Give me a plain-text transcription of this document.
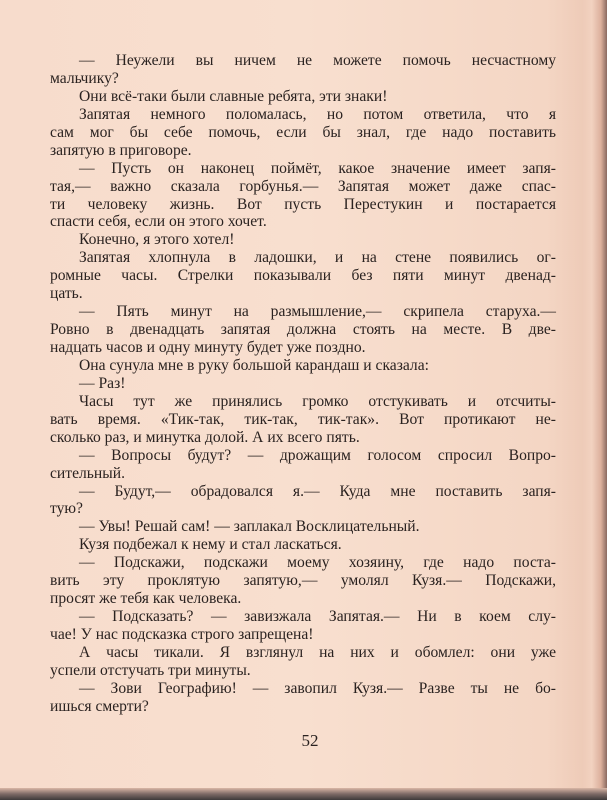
— Неужели вы ничем не можете помочь несчастному
мальчику?
Они всё-таки были славные ребята, эти знаки!
Запятая немного поломалась, но потом ответила, что я
сам мог бы себе помочь, если бы знал, где надо поставить
запятую в приговоре.
— Пусть он наконец поймёт, какое значение имеет запя-
тая,— важно сказала горбунья.— Запятая может даже спас-
ти человеку жизнь. Вот пусть Перестукин и постарается
спасти себя, если он этого хочет.
Конечно, я этого хотел!
Запятая хлопнула в ладошки, и на стене появились ог-
ромные часы. Стрелки показывали без пяти минут двенад-
цать.
— Пять минут на размышление,— скрипела старуха.—
Ровно в двенадцать запятая должна стоять на месте. В две-
надцать часов и одну минуту будет уже поздно.
Она сунула мне в руку большой карандаш и сказала:
— Раз!
Часы тут же принялись громко отстукивать и отсчиты-
вать время. «Тик-так, тик-так, тик-так». Вот протикают не-
сколько раз, и минутка долой. А их всего пять.
— Вопросы будут? — дрожащим голосом спросил Вопро-
сительный.
— Будут,— обрадовался я.— Куда мне поставить запя-
тую?
— Увы! Решай сам! — заплакал Восклицательный.
Кузя подбежал к нему и стал ласкаться.
— Подскажи, подскажи моему хозяину, где надо поста-
вить эту проклятую запятую,— умолял Кузя.— Подскажи,
просят же тебя как человека.
— Подсказать? — завизжала Запятая.— Ни в коем слу-
чае! У нас подсказка строго запрещена!
А часы тикали. Я взглянул на них и обомлел: они уже
успели отстучать три минуты.
— Зови Географию! — завопил Кузя.— Разве ты не бо-
ишься смерти?
52
